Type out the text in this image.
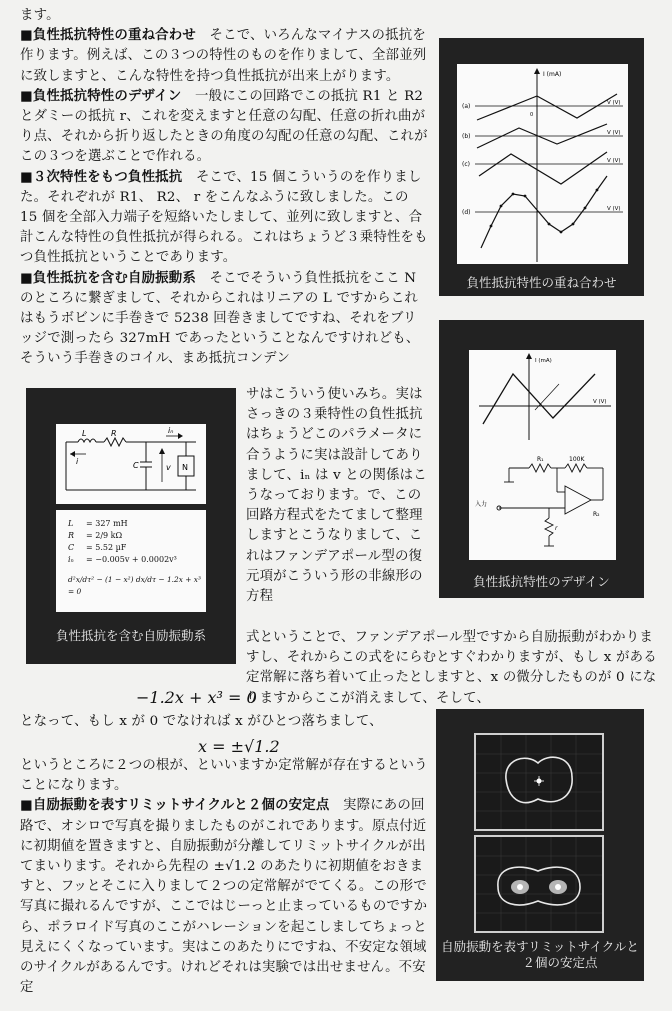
ます。

■負性抵抗特性の重ね合わせ　 そこで、いろんなマイナスの抵抗を作ります。例えば、この３つの特性のものを作りまして、全部並列に致しますと、こんな特性を持つ負性抵抗が出来上がります。

■負性抵抗特性のデザイン　 一般にこの回路でこの抵抗 R1 と R2 とダミーの抵抗 r、これを変えますと任意の勾配、任意の折れ曲がり点、それから折り返したときの角度の勾配の任意の勾配、これがこの３つを選ぶことで作れる。

■３次特性をもつ負性抵抗　 そこで、15 個こういうのを作りました。それぞれが R1、 R2、 r をこんなふうに致しました。この 15 個を全部入力端子を短絡いたしまして、並列に致しますと、合計こんな特性の負性抵抗が得られる。これはちょうど３乗特性をもつ負性抵抗ということであります。

■負性抵抗を含む自励振動系　 そこでそういう負性抵抗をここ N のところに繋ぎまして、それからこれはリニアの L ですからこれはもうボビンに手巻きで 5238 回巻きましてですね、それをブリッジで測ったら 327mH であったということなんですけれども、そういう手巻きのコイル、まあ抵抗コンデン

サはこういう使いみち。実はさっきの３乗特性の負性抵抗はちょうどこのパラメータに合うように実は設計してありまして、iₙ は v との関係はこうなっております。で、この回路方程式をたてまして整理しますとこうなりまして、これはファンデアポール型の復元項がこういう形の非線形の方程

式ということで、ファンデアポール型ですから自励振動がわかりますし、それからこの式をにらむとすぐわかりますが、もし x がある定常解に落ち着いて止ったとしますと、x の微分したものが 0 になりますからここが消えまして、そして、

−1.2x + x³ = 0

となって、もし x が 0 でなければ x がひとつ落ちまして、

x = ±√1.2

というところに２つの根が、といいますか定常解が存在するということになります。

■自励振動を表すリミットサイクルと２個の安定点　 実際にあの回路で、オシロで写真を撮りましたものがこれであります。原点付近に初期値を置きますと、自励振動が分離してリミットサイクルが出てまいります。それから先程の ±√1.2 のあたりに初期値をおきますと、フッとそこに入りまして２つの定常解がでてくる。この形で写真に撮れるんですが、ここではじーっと止まっているものですから、ポラロイド写真のここがハレーションを起こしましてちょっと見えにくくなっています。実はこのあたりにですね、不安定な領域のサイクルがあるんです。けれどそれは実験では出せません。不安定

I (mA)
(a)	V (V)
(b)	V (V)
(c)	V (V)
(d)	V (V)
0
負性抵抗特性の重ね合わせ
I (mA)
V (V)
R₁	100K
R₂
r
入力
負性抵抗特性のデザイン
L	R
C
i
v
iₙ
N
L = 327 mH
R = 2/9 kΩ
C = 5.52 µF
iₙ = −0.005v + 0.0002v³
d²x/dτ² − (1 − x²) dx/dτ − 1.2x + x³ = 0
負性抵抗を含む自励振動系
自励振動を表すリミットサイクルと
２個の安定点
